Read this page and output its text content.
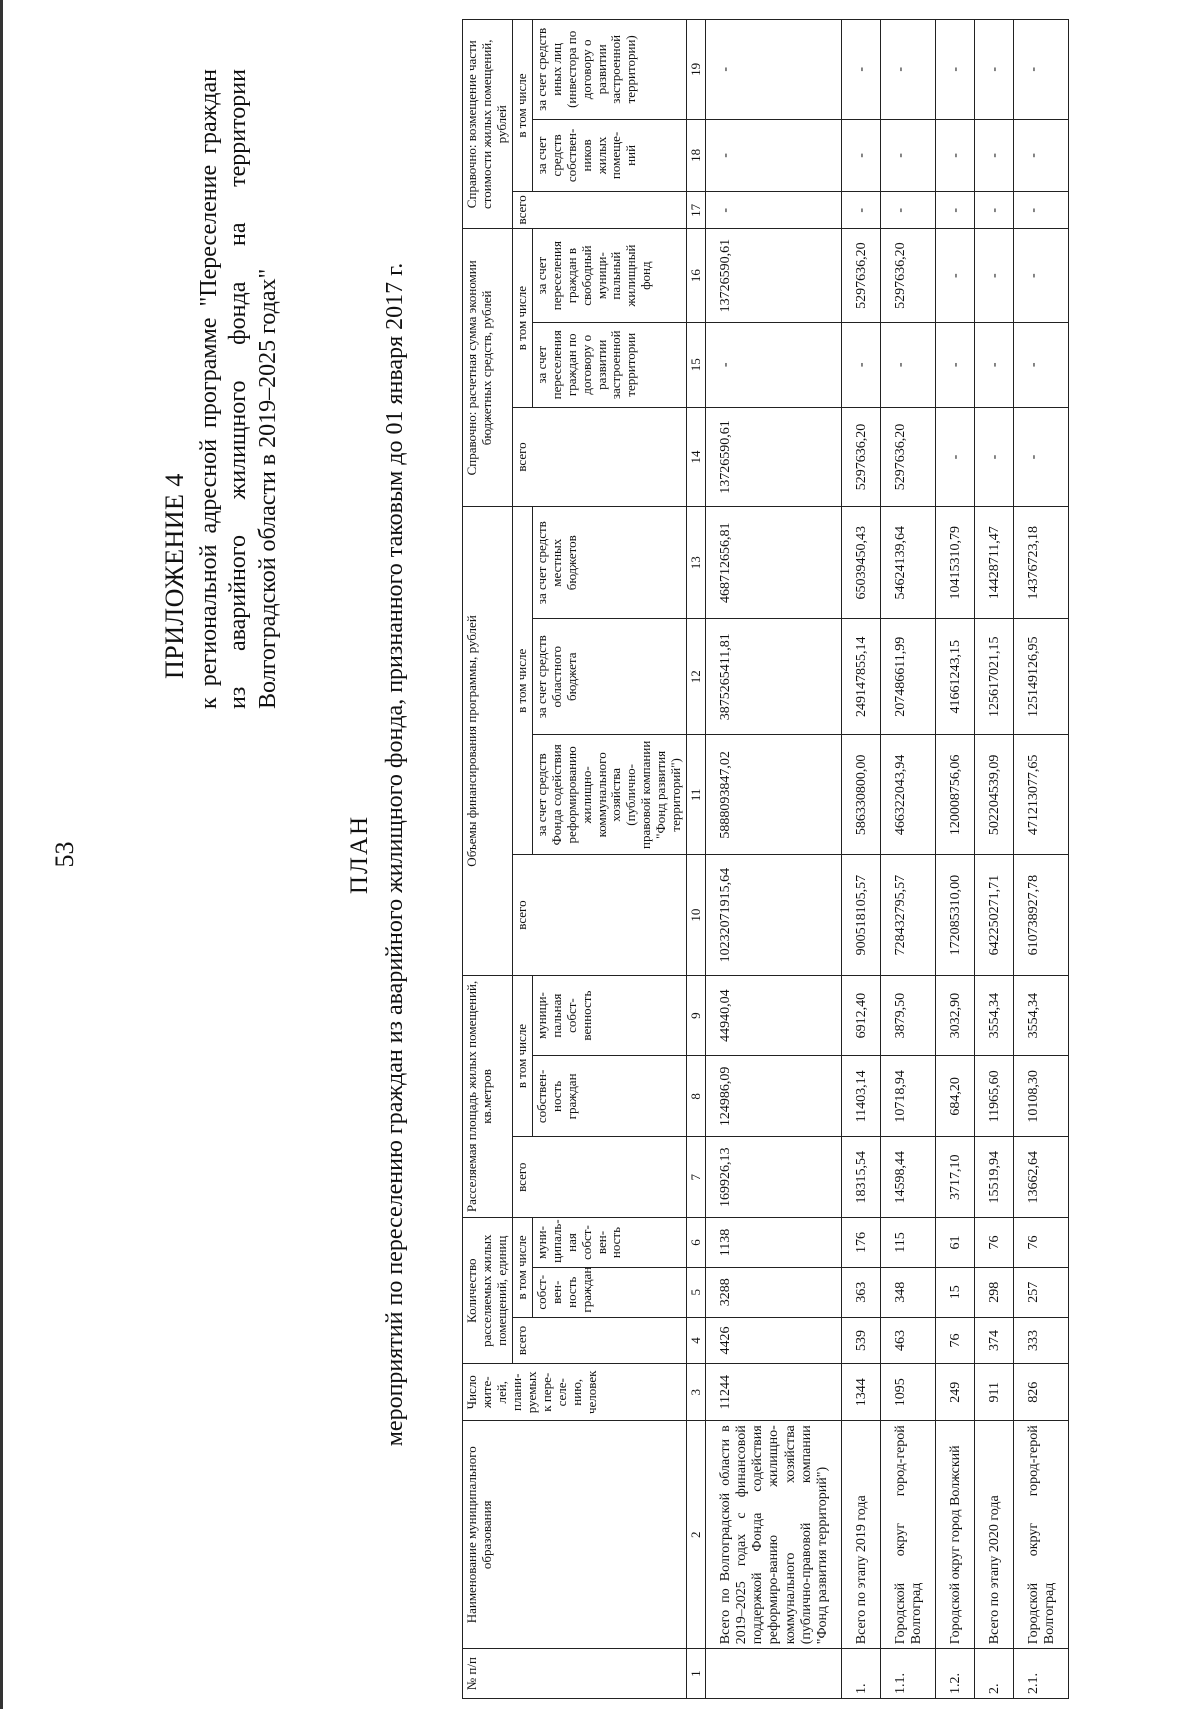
53
ПРИЛОЖЕНИЕ 4 к региональной адресной программе "Переселение граждан из аварийного жилищного фонда на территории Волгоградской области в 2019–2025 годах"
ПЛАН мероприятий по переселению граждан из аварийного жилищного фонда, признанного таковым до 01 января 2017 г.
№ п/п	Наименование муниципального образования	Число жите-лей, плани-руемых к пере-селе-нию, человек	Количество расселяемых жилых помещений, единиц			Расселяемая площадь жилых помещений, кв.метров			Объемы финансирования программы, рублей				Справочно: расчетная сумма экономии бюджетных средств, рублей			Справочно: возмещение части стоимости жилых помещений, рублей		
			всего	в том числе		всего	в том числе		всего	в том числе			всего	в том числе		всего	в том числе	
				собст-вен-ность граждан	муни-ципаль-ная собст-вен-ность		собствен-ность граждан	муници-пальная собст-венность		за счет средств Фонда содействия реформированию жилищно-коммунального хозяйства (публично-правовой компании "Фонд развития территорий")	за счет средств областного бюджета	за счет средств местных бюджетов		за счет переселения граждан по договору о развитии застроенной территории	за счет переселения граждан в свободный муници-пальный жилищный фонд		за счет средств собствен-ников жилых помеще-ний	за счет средств иных лиц (инвестора по договору о развитии застроенной территории)
1	2	3	4	5	6	7	8	9	10	11	12	13	14	15	16	17	18	19
	Всего по Волгоградской области в 2019–2025 годах с финансовой поддержкой Фонда содействия реформиро-ванию жилищно-коммунального хозяйства (публично-правовой компании "Фонд развития территорий")	11244	4426	3288	1138	169926,13	124986,09	44940,04	10232071915,64	5888093847,02	3875265411,81	468712656,81	13726590,61	-	13726590,61	-	-	-
1.	Всего по этапу 2019 года	1344	539	363	176	18315,54	11403,14	6912,40	900518105,57	586330800,00	249147855,14	65039450,43	5297636,20	-	5297636,20	-	-	-
1.1.	Городской округ город-герой Волгоград	1095	463	348	115	14598,44	10718,94	3879,50	728432795,57	466322043,94	207486611,99	54624139,64	5297636,20	-	5297636,20	-	-	-
1.2.	Городской округ город Волжский	249	76	15	61	3717,10	684,20	3032,90	172085310,00	120008756,06	41661243,15	10415310,79	-	-	-	-	-	-
2.	Всего по этапу 2020 года	911	374	298	76	15519,94	11965,60	3554,34	642250271,71	502204539,09	125617021,15	14428711,47	-	-	-	-	-	-
2.1.	Городской округ город-герой Волгоград	826	333	257	76	13662,64	10108,30	3554,34	610738927,78	471213077,65	125149126,95	14376723,18	-	-	-	-	-	-
